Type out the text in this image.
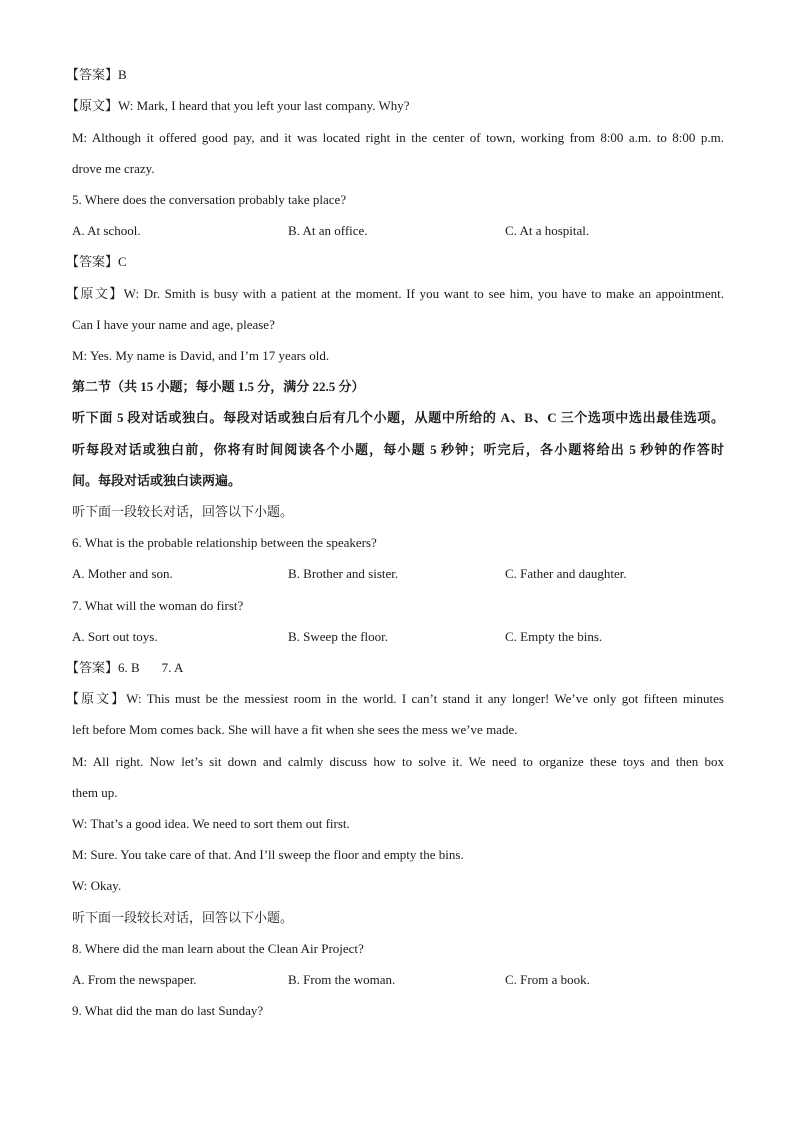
【答案】B
【原文】W: Mark, I heard that you left your last company. Why?
M: Although it offered good pay, and it was located right in the center of town, working from 8:00 a.m. to 8:00 p.m.
drove me crazy.
5. Where does the conversation probably take place?
A. At school.	B. At an office.	C. At a hospital.
【答案】C
【原文】W: Dr. Smith is busy with a patient at the moment. If you want to see him, you have to make an appointment.
Can I have your name and age, please?
M: Yes. My name is David, and I’m 17 years old.
第二节（共 15 小题；每小题 1.5 分，满分 22.5 分）
听下面 5 段对话或独白。每段对话或独白后有几个小题，从题中所给的 A、B、C 三个选项中选出最佳选项。
听每段对话或独白前，你将有时间阅读各个小题，每小题 5 秒钟；听完后，各小题将给出 5 秒钟的作答时
间。每段对话或独白读两遍。
听下面一段较长对话，回答以下小题。
6. What is the probable relationship between the speakers?
A. Mother and son.	B. Brother and sister.	C. Father and daughter.
7. What will the woman do first?
A. Sort out toys.	B. Sweep the floor.	C. Empty the bins.
【答案】6. B 7. A
【原文】W: This must be the messiest room in the world. I can’t stand it any longer! We’ve only got fifteen minutes
left before Mom comes back. She will have a fit when she sees the mess we’ve made.
M: All right. Now let’s sit down and calmly discuss how to solve it. We need to organize these toys and then box
them up.
W: That’s a good idea. We need to sort them out first.
M: Sure. You take care of that. And I’ll sweep the floor and empty the bins.
W: Okay.
听下面一段较长对话，回答以下小题。
8. Where did the man learn about the Clean Air Project?
A. From the newspaper.	B. From the woman.	C. From a book.
9. What did the man do last Sunday?
